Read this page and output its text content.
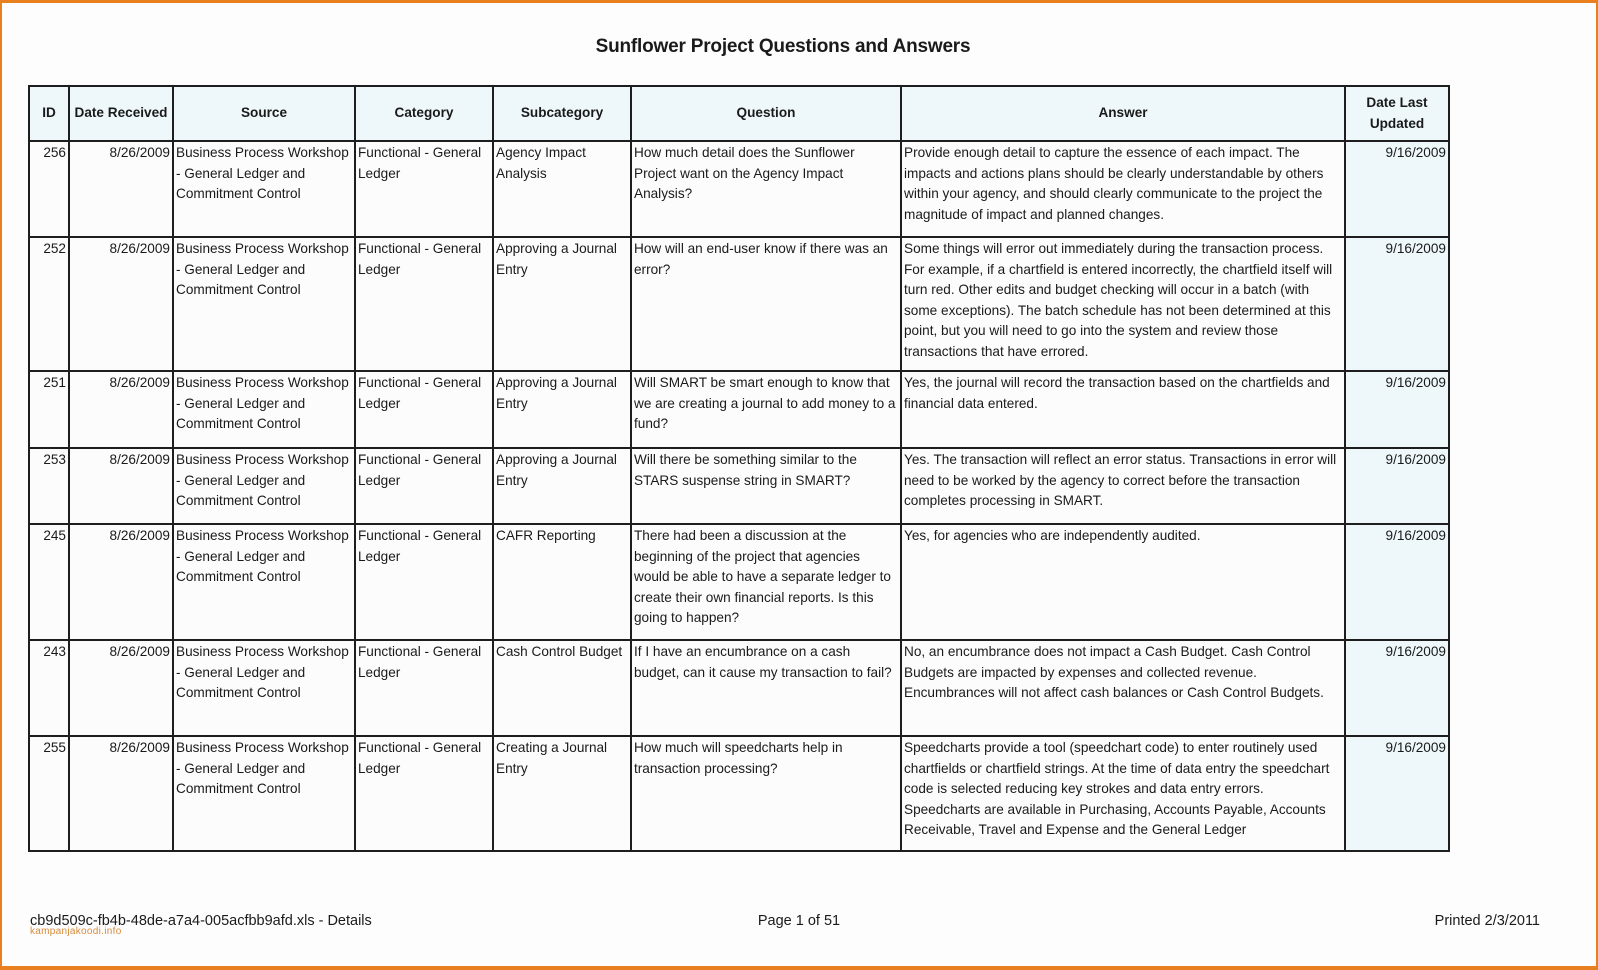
Sunflower Project Questions and Answers
ID	Date Received	Source	Category	Subcategory	Question	Answer	Date Last Updated
256	8/26/2009	Business Process Workshop - General Ledger and Commitment Control	Functional - General Ledger	Agency Impact Analysis	How much detail does the Sunflower Project want on the Agency Impact Analysis?	Provide enough detail to capture the essence of each impact. The impacts and actions plans should be clearly understandable by others within your agency, and should clearly communicate to the project the magnitude of impact and planned changes.	9/16/2009
252	8/26/2009	Business Process Workshop - General Ledger and Commitment Control	Functional - General Ledger	Approving a Journal Entry	How will an end-user know if there was an error?	Some things will error out immediately during the transaction process. For example, if a chartfield is entered incorrectly, the chartfield itself will turn red. Other edits and budget checking will occur in a batch (with some exceptions). The batch schedule has not been determined at this point, but you will need to go into the system and review those transactions that have errored.	9/16/2009
251	8/26/2009	Business Process Workshop - General Ledger and Commitment Control	Functional - General Ledger	Approving a Journal Entry	Will SMART be smart enough to know that we are creating a journal to add money to a fund?	Yes, the journal will record the transaction based on the chartfields and financial data entered.	9/16/2009
253	8/26/2009	Business Process Workshop - General Ledger and Commitment Control	Functional - General Ledger	Approving a Journal Entry	Will there be something similar to the STARS suspense string in SMART?	Yes. The transaction will reflect an error status. Transactions in error will need to be worked by the agency to correct before the transaction completes processing in SMART.	9/16/2009
245	8/26/2009	Business Process Workshop - General Ledger and Commitment Control	Functional - General Ledger	CAFR Reporting	There had been a discussion at the beginning of the project that agencies would be able to have a separate ledger to create their own financial reports. Is this going to happen?	Yes, for agencies who are independently audited.	9/16/2009
243	8/26/2009	Business Process Workshop - General Ledger and Commitment Control	Functional - General Ledger	Cash Control Budget	If I have an encumbrance on a cash budget, can it cause my transaction to fail?	No, an encumbrance does not impact a Cash Budget. Cash Control Budgets are impacted by expenses and collected revenue. Encumbrances will not affect cash balances or Cash Control Budgets.	9/16/2009
255	8/26/2009	Business Process Workshop - General Ledger and Commitment Control	Functional - General Ledger	Creating a Journal Entry	How much will speedcharts help in transaction processing?	Speedcharts provide a tool (speedchart code) to enter routinely used chartfields or chartfield strings. At the time of data entry the speedchart code is selected reducing key strokes and data entry errors. Speedcharts are available in Purchasing, Accounts Payable, Accounts Receivable, Travel and Expense and the General Ledger	9/16/2009
cb9d509c-fb4b-48de-a7a4-005acfbb9afd.xls - Details
kampanjakoodi.info
Page 1 of 51	Printed 2/3/2011
